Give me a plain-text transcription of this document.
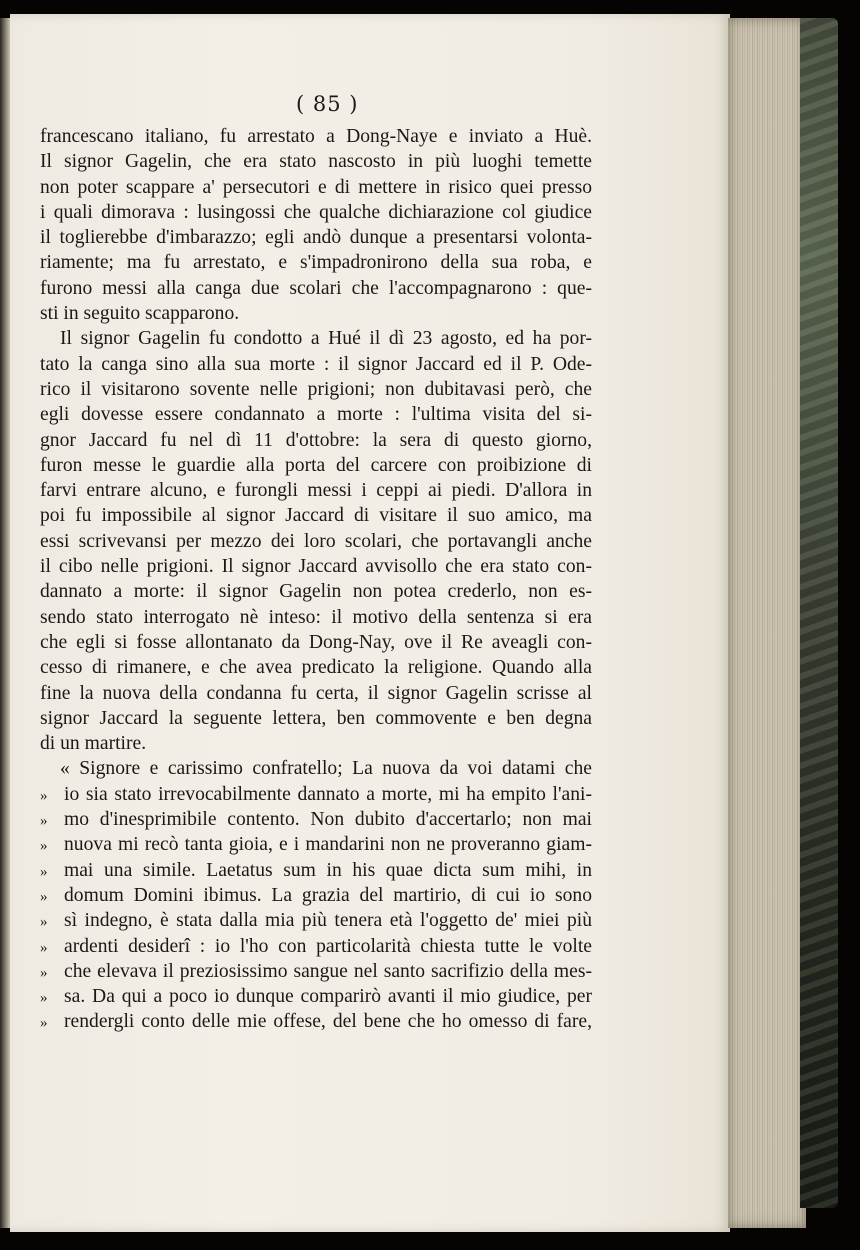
( 85 )
francescano italiano, fu arrestato a Dong-Naye e inviato a Huè.
Il signor Gagelin, che era stato nascosto in più luoghi temette
non poter scappare a' persecutori e di mettere in risico quei presso
i quali dimorava : lusingossi che qualche dichiarazione col giudice
il toglierebbe d'imbarazzo; egli andò dunque a presentarsi volonta-
riamente; ma fu arrestato, e s'impadronirono della sua roba, e
furono messi alla canga due scolari che l'accompagnarono : que-
sti in seguito scapparono.
Il signor Gagelin fu condotto a Hué il dì 23 agosto, ed ha por-
tato la canga sino alla sua morte : il signor Jaccard ed il P. Ode-
rico il visitarono sovente nelle prigioni; non dubitavasi però, che
egli dovesse essere condannato a morte : l'ultima visita del si-
gnor Jaccard fu nel dì 11 d'ottobre: la sera di questo giorno,
furon messe le guardie alla porta del carcere con proibizione di
farvi entrare alcuno, e furongli messi i ceppi ai piedi. D'allora in
poi fu impossibile al signor Jaccard di visitare il suo amico, ma
essi scrivevansi per mezzo dei loro scolari, che portavangli anche
il cibo nelle prigioni. Il signor Jaccard avvisollo che era stato con-
dannato a morte: il signor Gagelin non potea crederlo, non es-
sendo stato interrogato nè inteso: il motivo della sentenza si era
che egli si fosse allontanato da Dong-Nay, ove il Re aveagli con-
cesso di rimanere, e che avea predicato la religione. Quando alla
fine la nuova della condanna fu certa, il signor Gagelin scrisse al
signor Jaccard la seguente lettera, ben commovente e ben degna
di un martire.
« Signore e carissimo confratello; La nuova da voi datami che
» io sia stato irrevocabilmente dannato a morte, mi ha empito l'ani-
» mo d'inesprimibile contento. Non dubito d'accertarlo; non mai
» nuova mi recò tanta gioia, e i mandarini non ne proveranno giam-
» mai una simile. Laetatus sum in his quae dicta sum mihi, in
» domum Domini ibimus. La grazia del martirio, di cui io sono
» sì indegno, è stata dalla mia più tenera età l'oggetto de' miei più
» ardenti desiderî : io l'ho con particolarità chiesta tutte le volte
» che elevava il preziosissimo sangue nel santo sacrifizio della mes-
» sa. Da qui a poco io dunque comparirò avanti il mio giudice, per
» rendergli conto delle mie offese, del bene che ho omesso di fare,
